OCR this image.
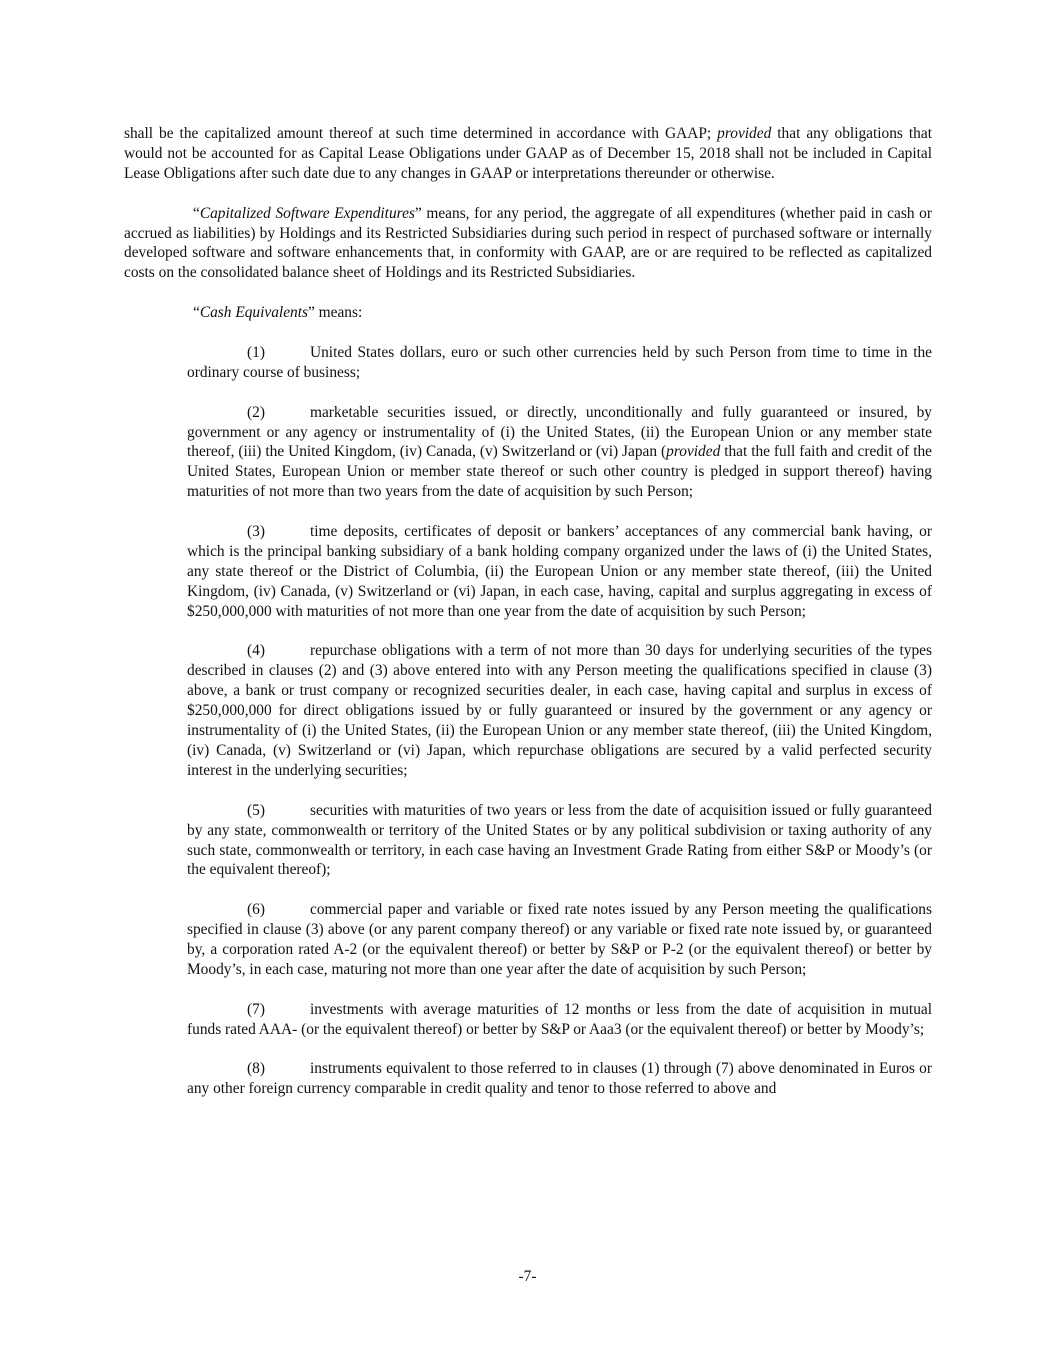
shall be the capitalized amount thereof at such time determined in accordance with GAAP; provided that any obligations that would not be accounted for as Capital Lease Obligations under GAAP as of December 15, 2018 shall not be included in Capital Lease Obligations after such date due to any changes in GAAP or interpretations thereunder or otherwise.

“Capitalized Software Expenditures” means, for any period, the aggregate of all expenditures (whether paid in cash or accrued as liabilities) by Holdings and its Restricted Subsidiaries during such period in respect of purchased software or internally developed software and software enhancements that, in conformity with GAAP, are or are required to be reflected as capitalized costs on the consolidated balance sheet of Holdings and its Restricted Subsidiaries.

“Cash Equivalents” means:

(1)	United States dollars, euro or such other currencies held by such Person from time to time in the ordinary course of business;

(2)	marketable securities issued, or directly, unconditionally and fully guaranteed or insured, by government or any agency or instrumentality of (i) the United States, (ii) the European Union or any member state thereof, (iii) the United Kingdom, (iv) Canada, (v) Switzerland or (vi) Japan (provided that the full faith and credit of the United States, European Union or member state thereof or such other country is pledged in support thereof) having maturities of not more than two years from the date of acquisition by such Person;

(3)	time deposits, certificates of deposit or bankers’ acceptances of any commercial bank having, or which is the principal banking subsidiary of a bank holding company organized under the laws of (i) the United States, any state thereof or the District of Columbia, (ii) the European Union or any member state thereof, (iii) the United Kingdom, (iv) Canada, (v) Switzerland or (vi) Japan, in each case, having, capital and surplus aggregating in excess of $250,000,000 with maturities of not more than one year from the date of acquisition by such Person;

(4)	repurchase obligations with a term of not more than 30 days for underlying securities of the types described in clauses (2) and (3) above entered into with any Person meeting the qualifications specified in clause (3) above, a bank or trust company or recognized securities dealer, in each case, having capital and surplus in excess of $250,000,000 for direct obligations issued by or fully guaranteed or insured by the government or any agency or instrumentality of (i) the United States, (ii) the European Union or any member state thereof, (iii) the United Kingdom, (iv) Canada, (v) Switzerland or (vi) Japan, which repurchase obligations are secured by a valid perfected security interest in the underlying securities;

(5)	securities with maturities of two years or less from the date of acquisition issued or fully guaranteed by any state, commonwealth or territory of the United States or by any political subdivision or taxing authority of any such state, commonwealth or territory, in each case having an Investment Grade Rating from either S&P or Moody’s (or the equivalent thereof);

(6)	commercial paper and variable or fixed rate notes issued by any Person meeting the qualifications specified in clause (3) above (or any parent company thereof) or any variable or fixed rate note issued by, or guaranteed by, a corporation rated A-2 (or the equivalent thereof) or better by S&P or P-2 (or the equivalent thereof) or better by Moody’s, in each case, maturing not more than one year after the date of acquisition by such Person;

(7)	investments with average maturities of 12 months or less from the date of acquisition in mutual funds rated AAA- (or the equivalent thereof) or better by S&P or Aaa3 (or the equivalent thereof) or better by Moody’s;

(8)	instruments equivalent to those referred to in clauses (1) through (7) above denominated in Euros or any other foreign currency comparable in credit quality and tenor to those referred to above and

-7-
